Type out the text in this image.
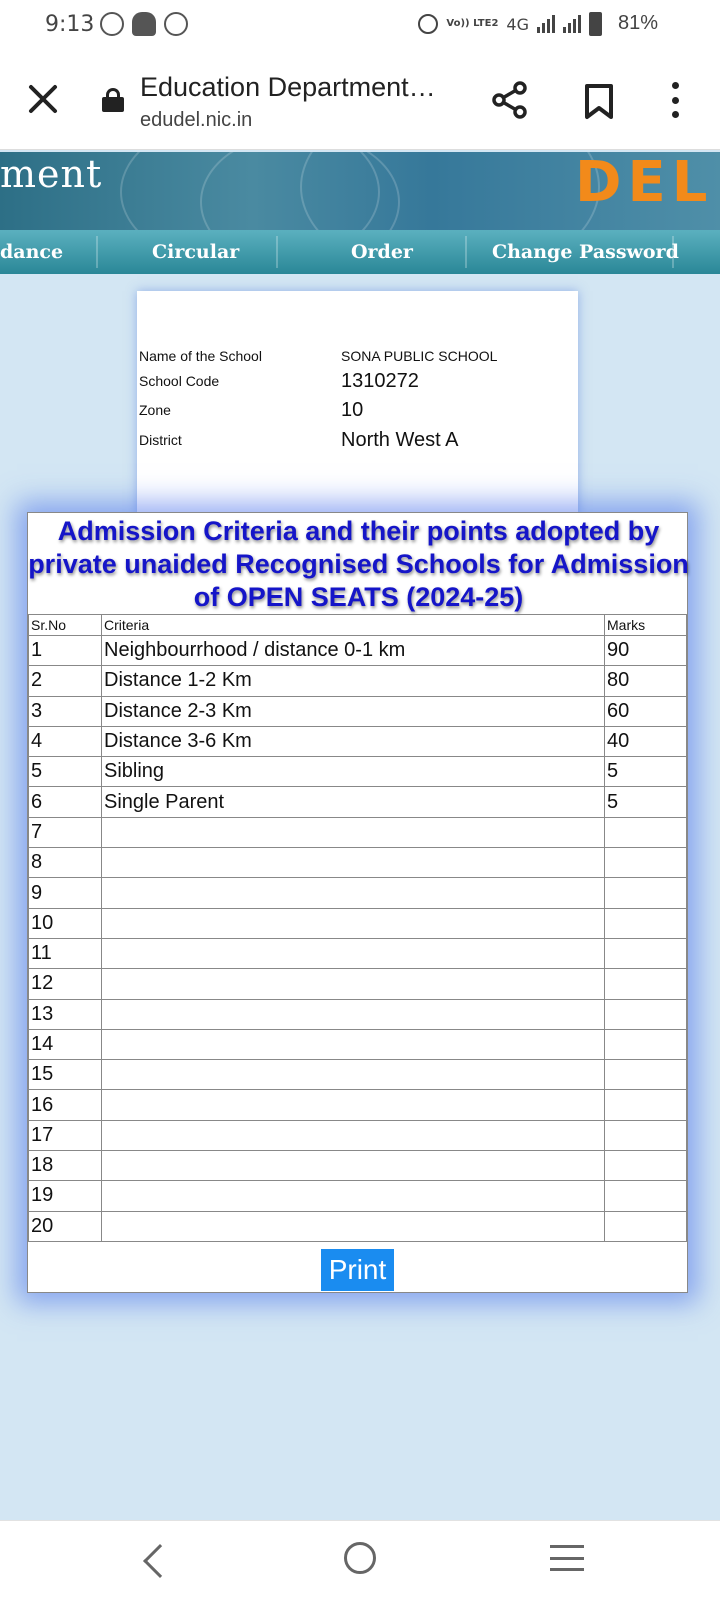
9:13	Vo)) LTE2 4G	81%
Education Department…
edudel.nic.in
ment	DEL
dance	Circular	Order	Change Password
Name of the School	SONA PUBLIC SCHOOL
School Code	1310272
Zone	10
District	North West A
Admission Criteria and their points adopted by
private unaided Recognised Schools for Admission
of OPEN SEATS (2024-25)
Sr.No	Criteria	Marks
1	Neighbourrhood / distance 0-1 km	90
2	Distance 1-2 Km	80
3	Distance 2-3 Km	60
4	Distance 3-6 Km	40
5	Sibling	5
6	Single Parent	5
7		
8		
9		
10		
11		
12		
13		
14		
15		
16		
17		
18		
19		
20		
Print
